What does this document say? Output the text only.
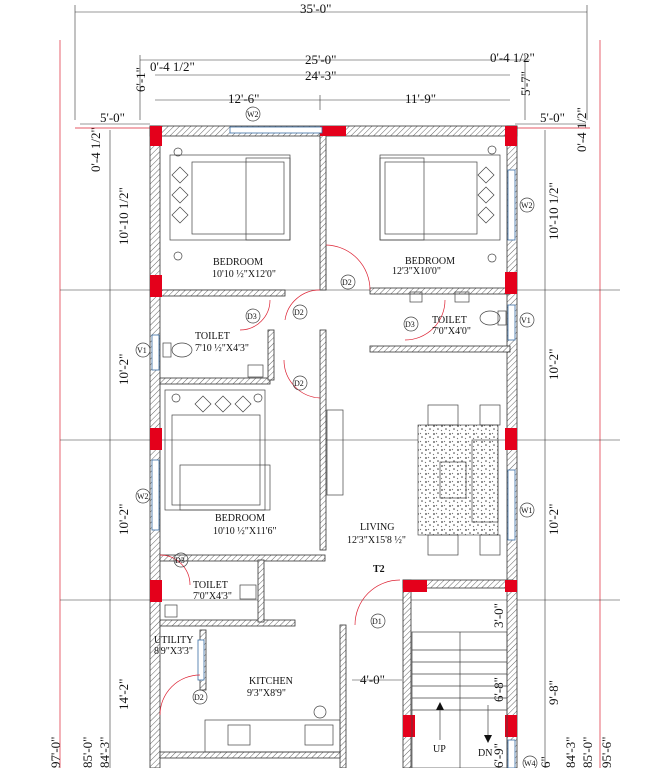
35'-0"
25'-0"
24'-3"
0'-4 1/2"
0'-4 1/2"
12'-6"	11'-9"
5'-0"	5'-0"
6'-1"	5'-7"
0'-4 1/2"	0'-4 1/2"
10'-10 1/2"
10'-2"
10'-2"
14'-2"
10'-10 1/2"
10'-2"
10'-2"
3'-0"
9'-8"
6'-8"
97'-0" 85'-0" 84'-3"	84'-3" 85'-0" 95'-6"
6"
6'-9"
4'-0"
UP	DN
BEDROOM
10'10 ½"X12'0"
BEDROOM
12'3"X10'0"
TOILET
7'10 ½"X4'3"
TOILET
7'0"X4'0"
BEDROOM
10'10 ½"X11'6"	LIVING
12'3"X15'8 ½"
TOILET
7'0"X4'3"
UTILITY
8'9"X3'3"
KITCHEN
9'3"X8'9"
W2
W2
W2
W1
W4
V1
V1
D2
D2
D2
D2
D3
D3
D3
D1
T2
